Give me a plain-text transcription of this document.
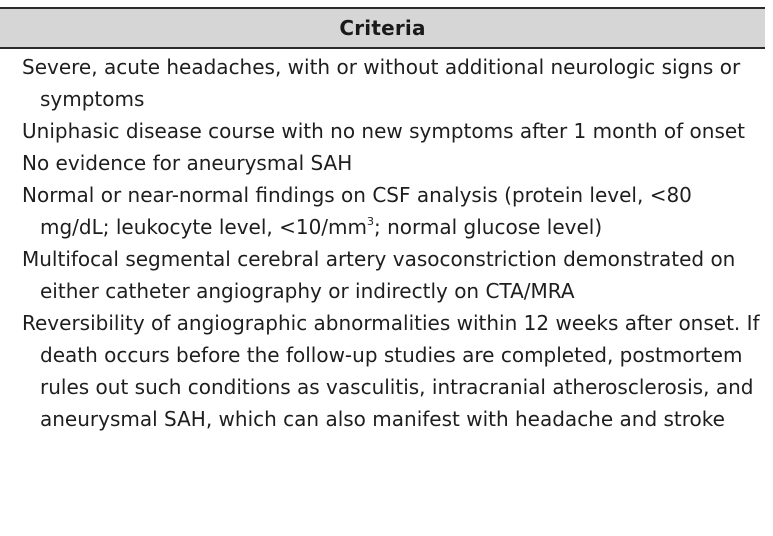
Criteria
Severe, acute headaches, with or without additional neurologic signs or symptoms
Uniphasic disease course with no new symptoms after 1 month of onset
No evidence for aneurysmal SAH
Normal or near-normal findings on CSF analysis (protein level, <80 mg/dL; leukocyte level, $<10/mm^3$; normal glucose level)
Multifocal segmental cerebral artery vasoconstriction demonstrated on either catheter angiography or indirectly on CTA/MRA
Reversibility of angiographic abnormalities within 12 weeks after onset. If death occurs before the follow-up studies are completed, postmortem rules out such conditions as vasculitis, intracranial atherosclerosis, and aneurysmal SAH, which can also manifest with headache and stroke
